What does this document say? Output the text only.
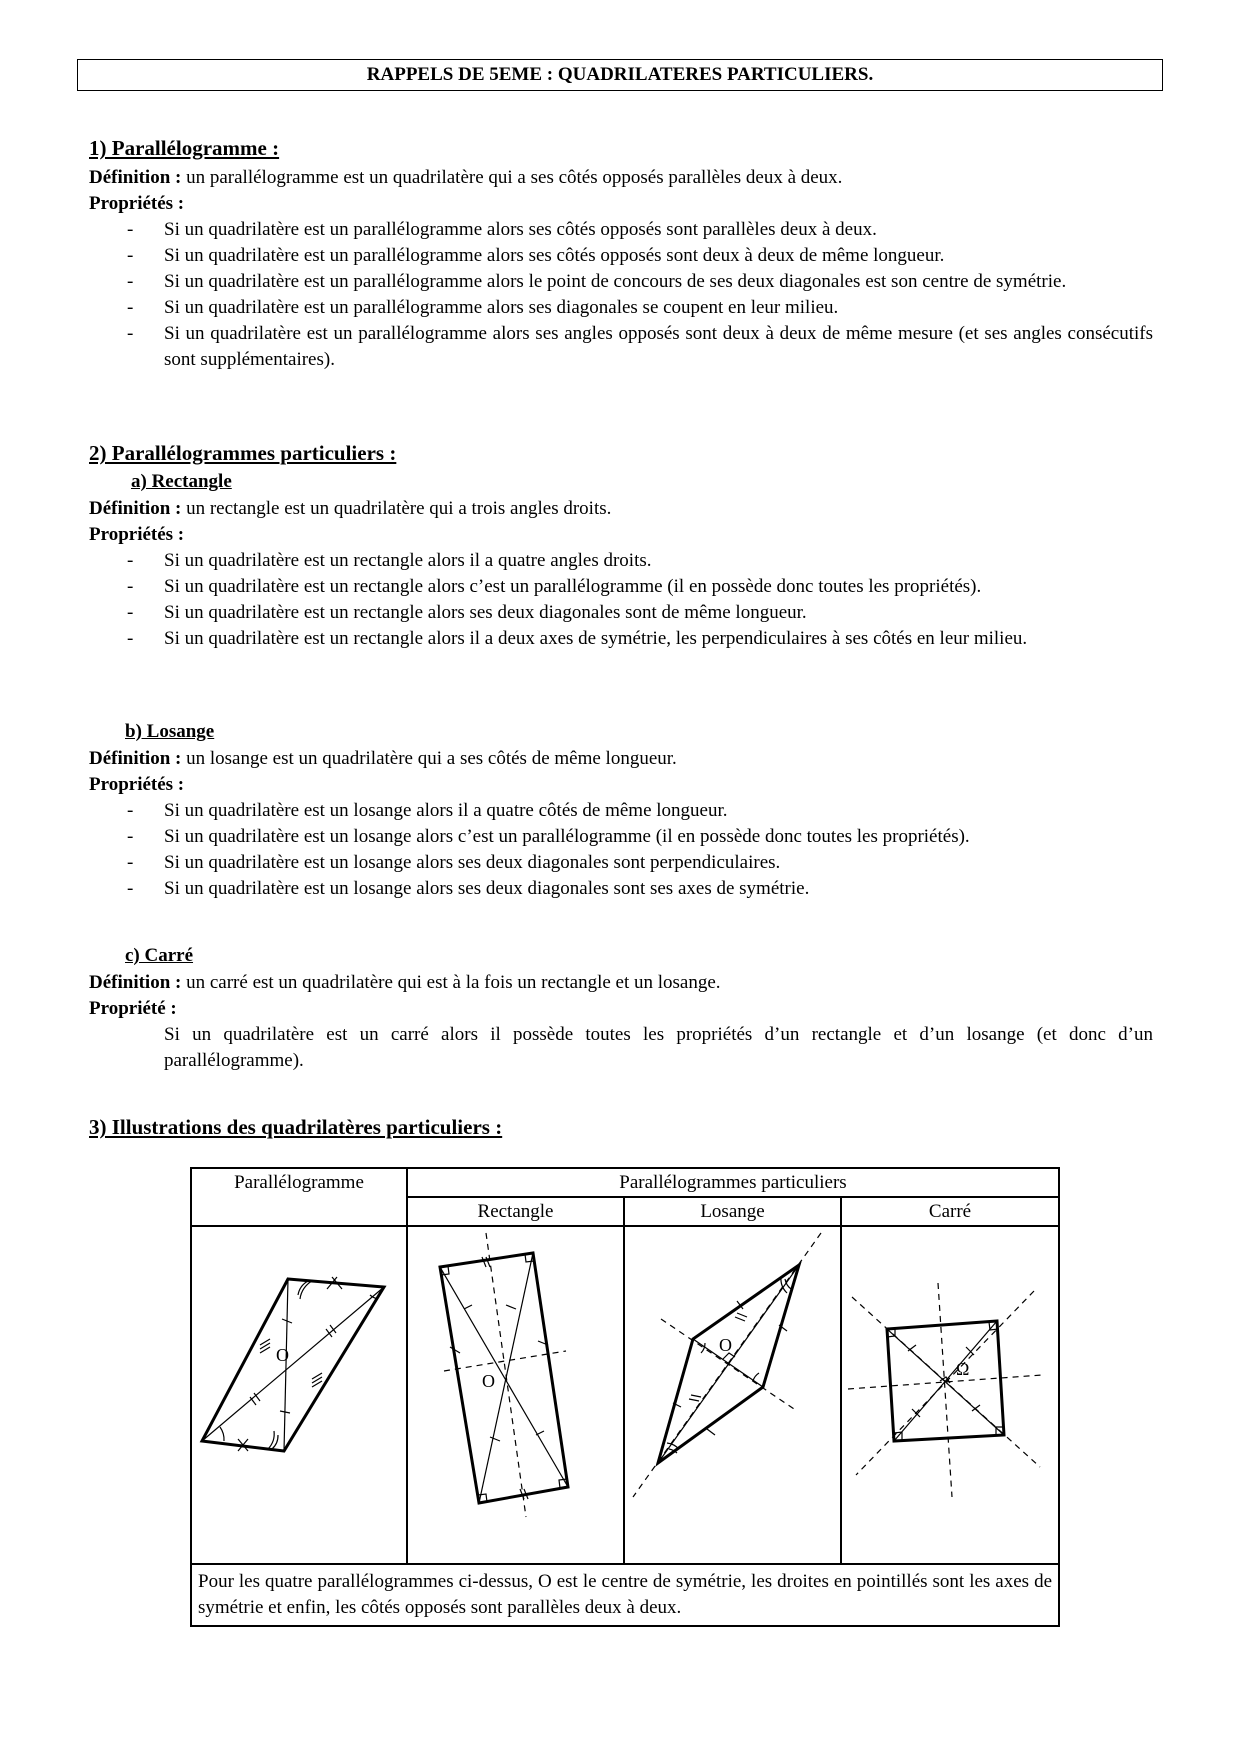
RAPPELS DE 5EME : QUADRILATERES PARTICULIERS.

1) Parallélogramme :

Définition : un parallélogramme est un quadrilatère qui a ses côtés opposés parallèles deux à deux.

Propriétés :

- Si un quadrilatère est un parallélogramme alors ses côtés opposés sont parallèles deux à deux.
- Si un quadrilatère est un parallélogramme alors ses côtés opposés sont deux à deux de même longueur.
- Si un quadrilatère est un parallélogramme alors le point de concours de ses deux diagonales est son centre de symétrie.
- Si un quadrilatère est un parallélogramme alors ses diagonales se coupent en leur milieu.
- Si un quadrilatère est un parallélogramme alors ses angles opposés sont deux à deux de même mesure (et ses angles consécutifs sont supplémentaires).

2) Parallélogrammes particuliers :

a) Rectangle

Définition : un rectangle est un quadrilatère qui a trois angles droits.

Propriétés :

- Si un quadrilatère est un rectangle alors il a quatre angles droits.
- Si un quadrilatère est un rectangle alors c’est un parallélogramme (il en possède donc toutes les propriétés).
- Si un quadrilatère est un rectangle alors ses deux diagonales sont de même longueur.
- Si un quadrilatère est un rectangle alors il a deux axes de symétrie, les perpendiculaires à ses côtés en leur milieu.

b) Losange

Définition : un losange est un quadrilatère qui a ses côtés de même longueur.

Propriétés :

- Si un quadrilatère est un losange alors il a quatre côtés de même longueur.
- Si un quadrilatère est un losange alors c’est un parallélogramme (il en possède donc toutes les propriétés).
- Si un quadrilatère est un losange alors ses deux diagonales sont perpendiculaires.
- Si un quadrilatère est un losange alors ses deux diagonales sont ses axes de symétrie.

c) Carré

Définition : un carré est un quadrilatère qui est à la fois un rectangle et un losange.

Propriété :

Si un quadrilatère est un carré alors il possède toutes les propriétés d’un rectangle et d’un losange (et donc d’un parallélogramme).

3) Illustrations des quadrilatères particuliers :

Parallélogramme	Parallélogrammes particuliers		
	Rectangle	Losange	Carré

O	O	O	Ω

Pour les quatre parallélogrammes ci-dessus, O est le centre de symétrie, les droites en pointillés sont les axes de symétrie et enfin, les côtés opposés sont parallèles deux à deux.			
